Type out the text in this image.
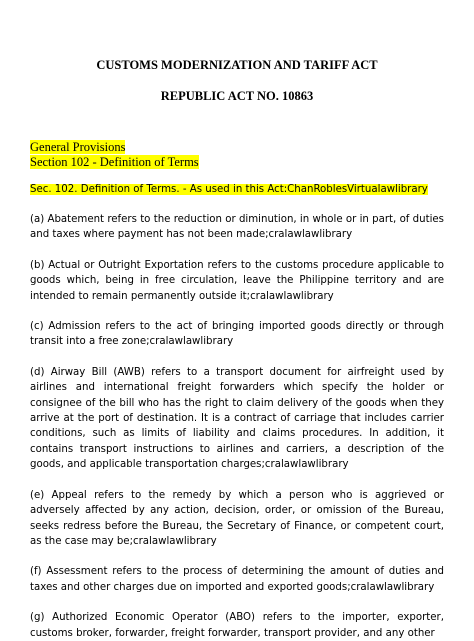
CUSTOMS MODERNIZATION AND TARIFF ACT

REPUBLIC ACT NO. 10863

General Provisions

Section 102 - Definition of Terms

Sec. 102. Definition of Terms. - As used in this Act:ChanRoblesVirtualawlibrary

(a) Abatement refers to the reduction or diminution, in whole or in part, of duties and taxes where payment has not been made;cralawlawlibrary

(b) Actual or Outright Exportation refers to the customs procedure applicable to goods which, being in free circulation, leave the Philippine territory and are intended to remain permanently outside it;cralawlawlibrary

(c) Admission refers to the act of bringing imported goods directly or through transit into a free zone;cralawlawlibrary

(d) Airway Bill (AWB) refers to a transport document for airfreight used by airlines and international freight forwarders which specify the holder or consignee of the bill who has the right to claim delivery of the goods when they arrive at the port of destination. It is a contract of carriage that includes carrier conditions, such as limits of liability and claims procedures. In addition, it contains transport instructions to airlines and carriers, a description of the goods, and applicable transportation charges;cralawlawlibrary

(e) Appeal refers to the remedy by which a person who is aggrieved or adversely affected by any action, decision, order, or omission of the Bureau, seeks redress before the Bureau, the Secretary of Finance, or competent court, as the case may be;cralawlawlibrary

(f) Assessment refers to the process of determining the amount of duties and taxes and other charges due on imported and exported goods;cralawlawlibrary

(g) Authorized Economic Operator (ABO) refers to the importer, exporter, customs broker, forwarder, freight forwarder, transport provider, and any other
